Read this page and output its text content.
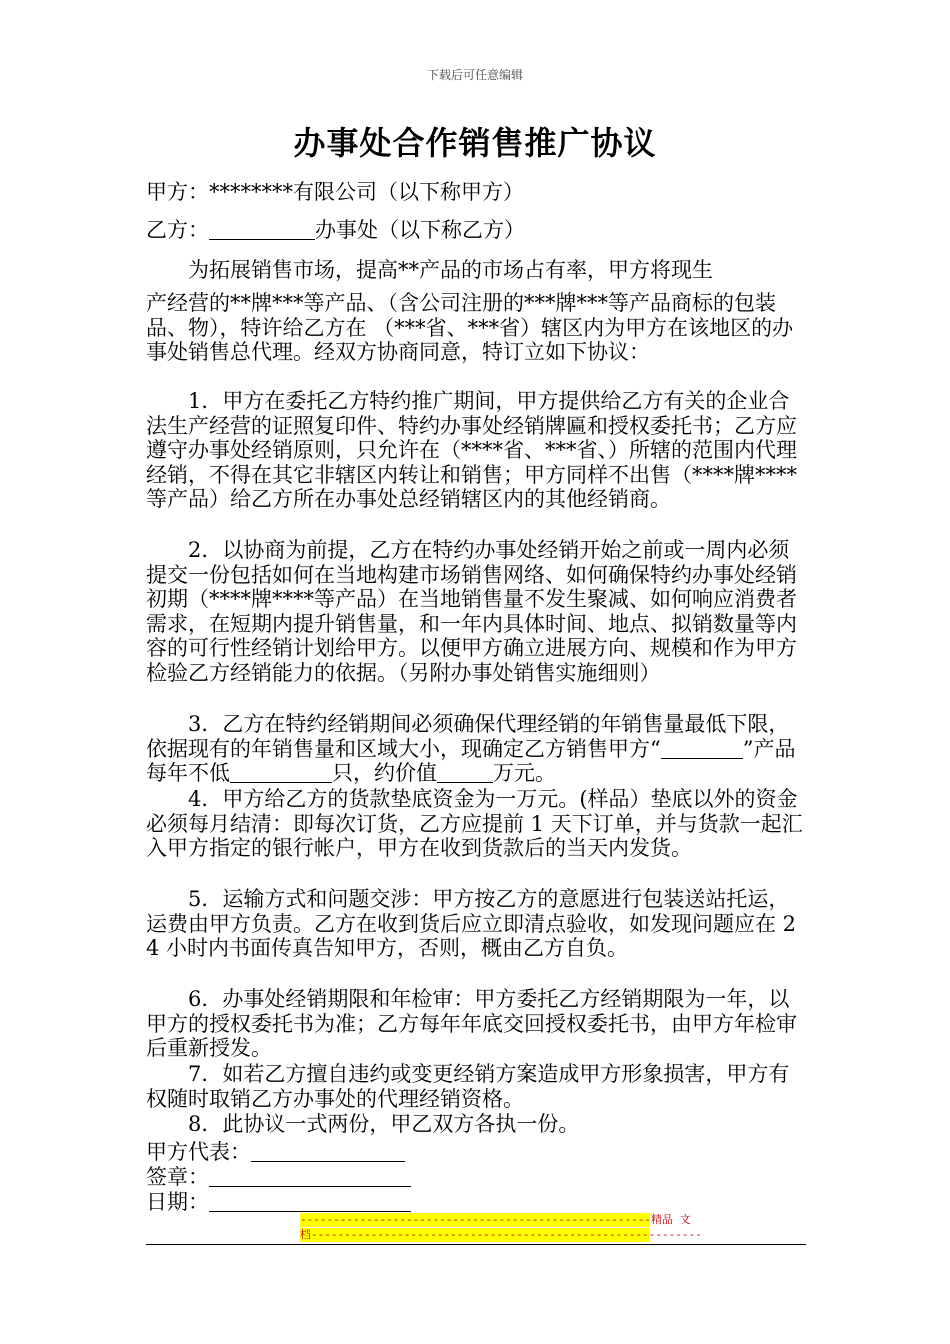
下载后可任意编辑
办事处合作销售推广协议
甲方：********有限公司（以下称甲方）
乙方：	办事处（以下称乙方）
为拓展销售市场，提高**产品的市场占有率，甲方将现生

产经营的**牌***等产品、（含公司注册的***牌***等产品商标的包装品、物），特许给乙方在 （***省、***省）辖区内为甲方在该地区的办事处销售总代理。经双方协商同意，特订立如下协议：

1．甲方在委托乙方特约推广期间，甲方提供给乙方有关的企业合法生产经营的证照复印件、特约办事处经销牌匾和授权委托书；乙方应遵守办事处经销原则，只允许在（****省、***省、）所辖的范围内代理经销，不得在其它非辖区内转让和销售；甲方同样不出售（****牌****等产品）给乙方所在办事处总经销辖区内的其他经销商。

2．以协商为前提，乙方在特约办事处经销开始之前或一周内必须提交一份包括如何在当地构建市场销售网络、如何确保特约办事处经销初期（****牌****等产品）在当地销售量不发生聚减、如何响应消费者需求，在短期内提升销售量，和一年内具体时间、地点、拟销数量等内容的可行性经销计划给甲方。以便甲方确立进展方向、规模和作为甲方检验乙方经销能力的依据。（另附办事处销售实施细则）

3．乙方在特约经销期间必须确保代理经销的年销售量最低下限，依据现有的年销售量和区域大小，现确定乙方销售甲方“	”产品每年不低	只，约价值	万元。

4．甲方给乙方的货款垫底资金为一万元。(样品）垫底以外的资金必须每月结清：即每次订货，乙方应提前 1 天下订单，并与货款一起汇入甲方指定的银行帐户，甲方在收到货款后的当天内发货。

5．运输方式和问题交涉：甲方按乙方的意愿进行包装送站托运，运费由甲方负责。乙方在收到货后应立即清点验收，如发现问题应在 24 小时内书面传真告知甲方，否则，概由乙方自负。

6．办事处经销期限和年检审：甲方委托乙方经销期限为一年，以甲方的授权委托书为准；乙方每年年底交回授权委托书，由甲方年检审后重新授发。

7．如若乙方擅自违约或变更经销方案造成甲方形象损害，甲方有权随时取销乙方办事处的代理经销资格。

8．此协议一式两份，甲乙双方各执一份。

甲方代表：
签章：
日期：
-----------------------------------------------------精品 文
档-----------------------------------------------------------
